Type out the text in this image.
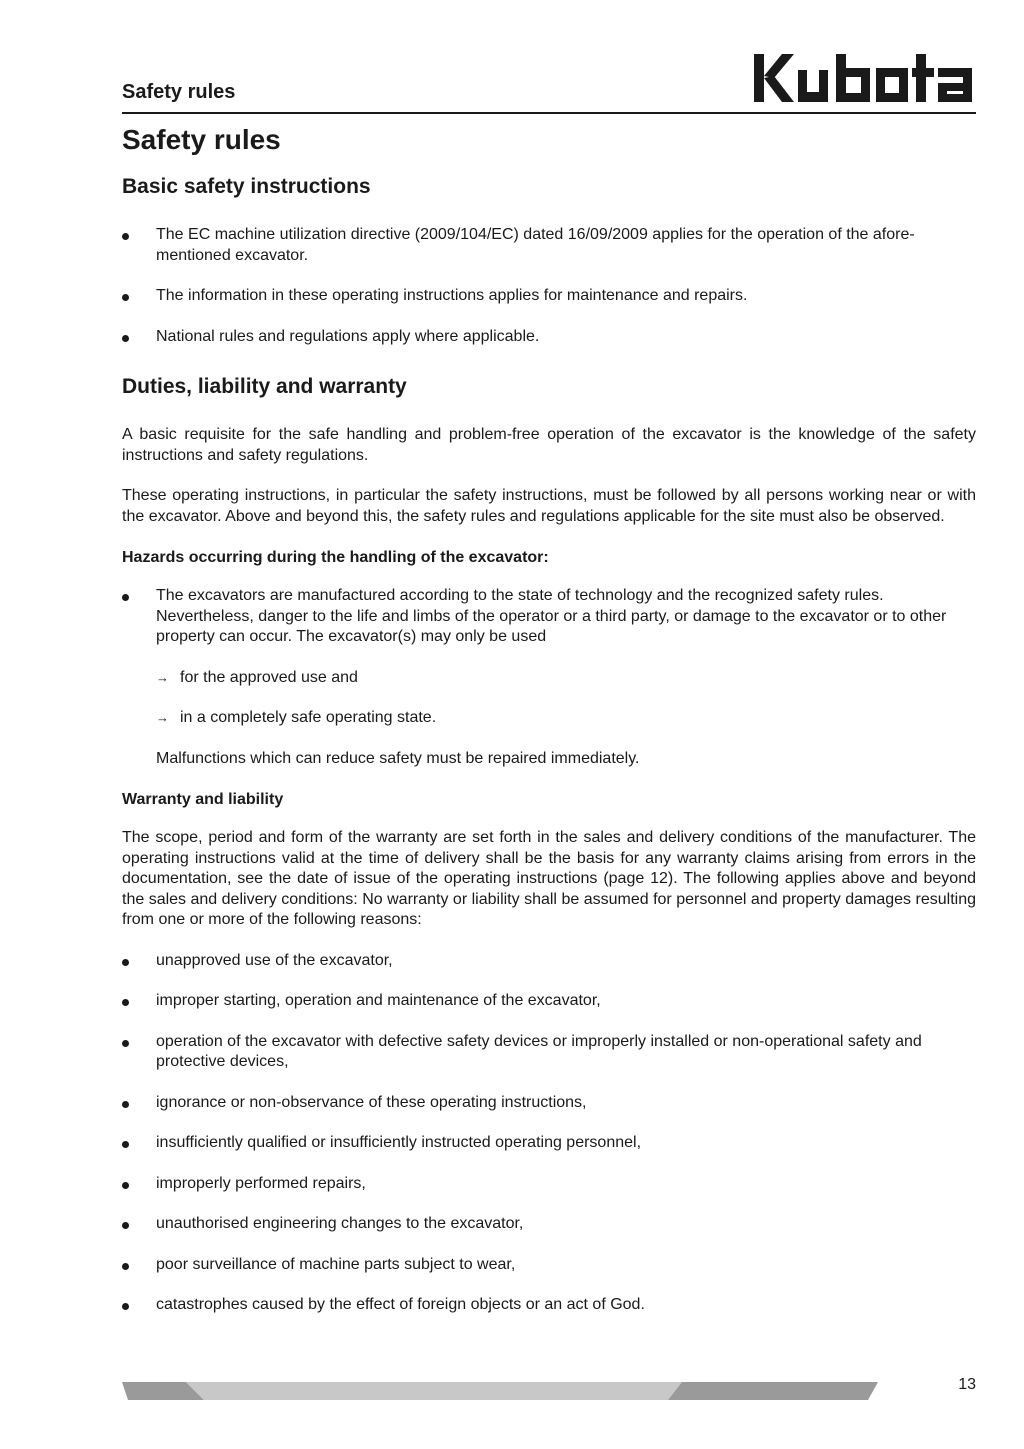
Safety rules
Safety rules
Basic safety instructions
The EC machine utilization directive (2009/104/EC) dated 16/09/2009 applies for the operation of the afore-mentioned excavator.
The information in these operating instructions applies for maintenance and repairs.
National rules and regulations apply where applicable.
Duties, liability and warranty

A basic requisite for the safe handling and problem-free operation of the excavator is the knowledge of the safety instructions and safety regulations.

These operating instructions, in particular the safety instructions, must be followed by all persons working near or with the excavator. Above and beyond this, the safety rules and regulations applicable for the site must also be observed.

Hazards occurring during the handling of the excavator:
The excavators are manufactured according to the state of technology and the recognized safety rules. Nevertheless, danger to the life and limbs of the operator or a third party, or damage to the excavator or to other property can occur. The excavator(s) may only be used
→ for the approved use and
→ in a completely safe operating state.

Malfunctions which can reduce safety must be repaired immediately.

Warranty and liability

The scope, period and form of the warranty are set forth in the sales and delivery conditions of the manufacturer. The operating instructions valid at the time of delivery shall be the basis for any warranty claims arising from errors in the documentation, see the date of issue of the operating instructions (page 12). The following applies above and beyond the sales and delivery conditions: No warranty or liability shall be assumed for personnel and property damages resulting from one or more of the following reasons:

unapproved use of the excavator,
improper starting, operation and maintenance of the excavator,
operation of the excavator with defective safety devices or improperly installed or non-operational safety and protective devices,
ignorance or non-observance of these operating instructions,
insufficiently qualified or insufficiently instructed operating personnel,
improperly performed repairs,
unauthorised engineering changes to the excavator,
poor surveillance of machine parts subject to wear,
catastrophes caused by the effect of foreign objects or an act of God.
13
